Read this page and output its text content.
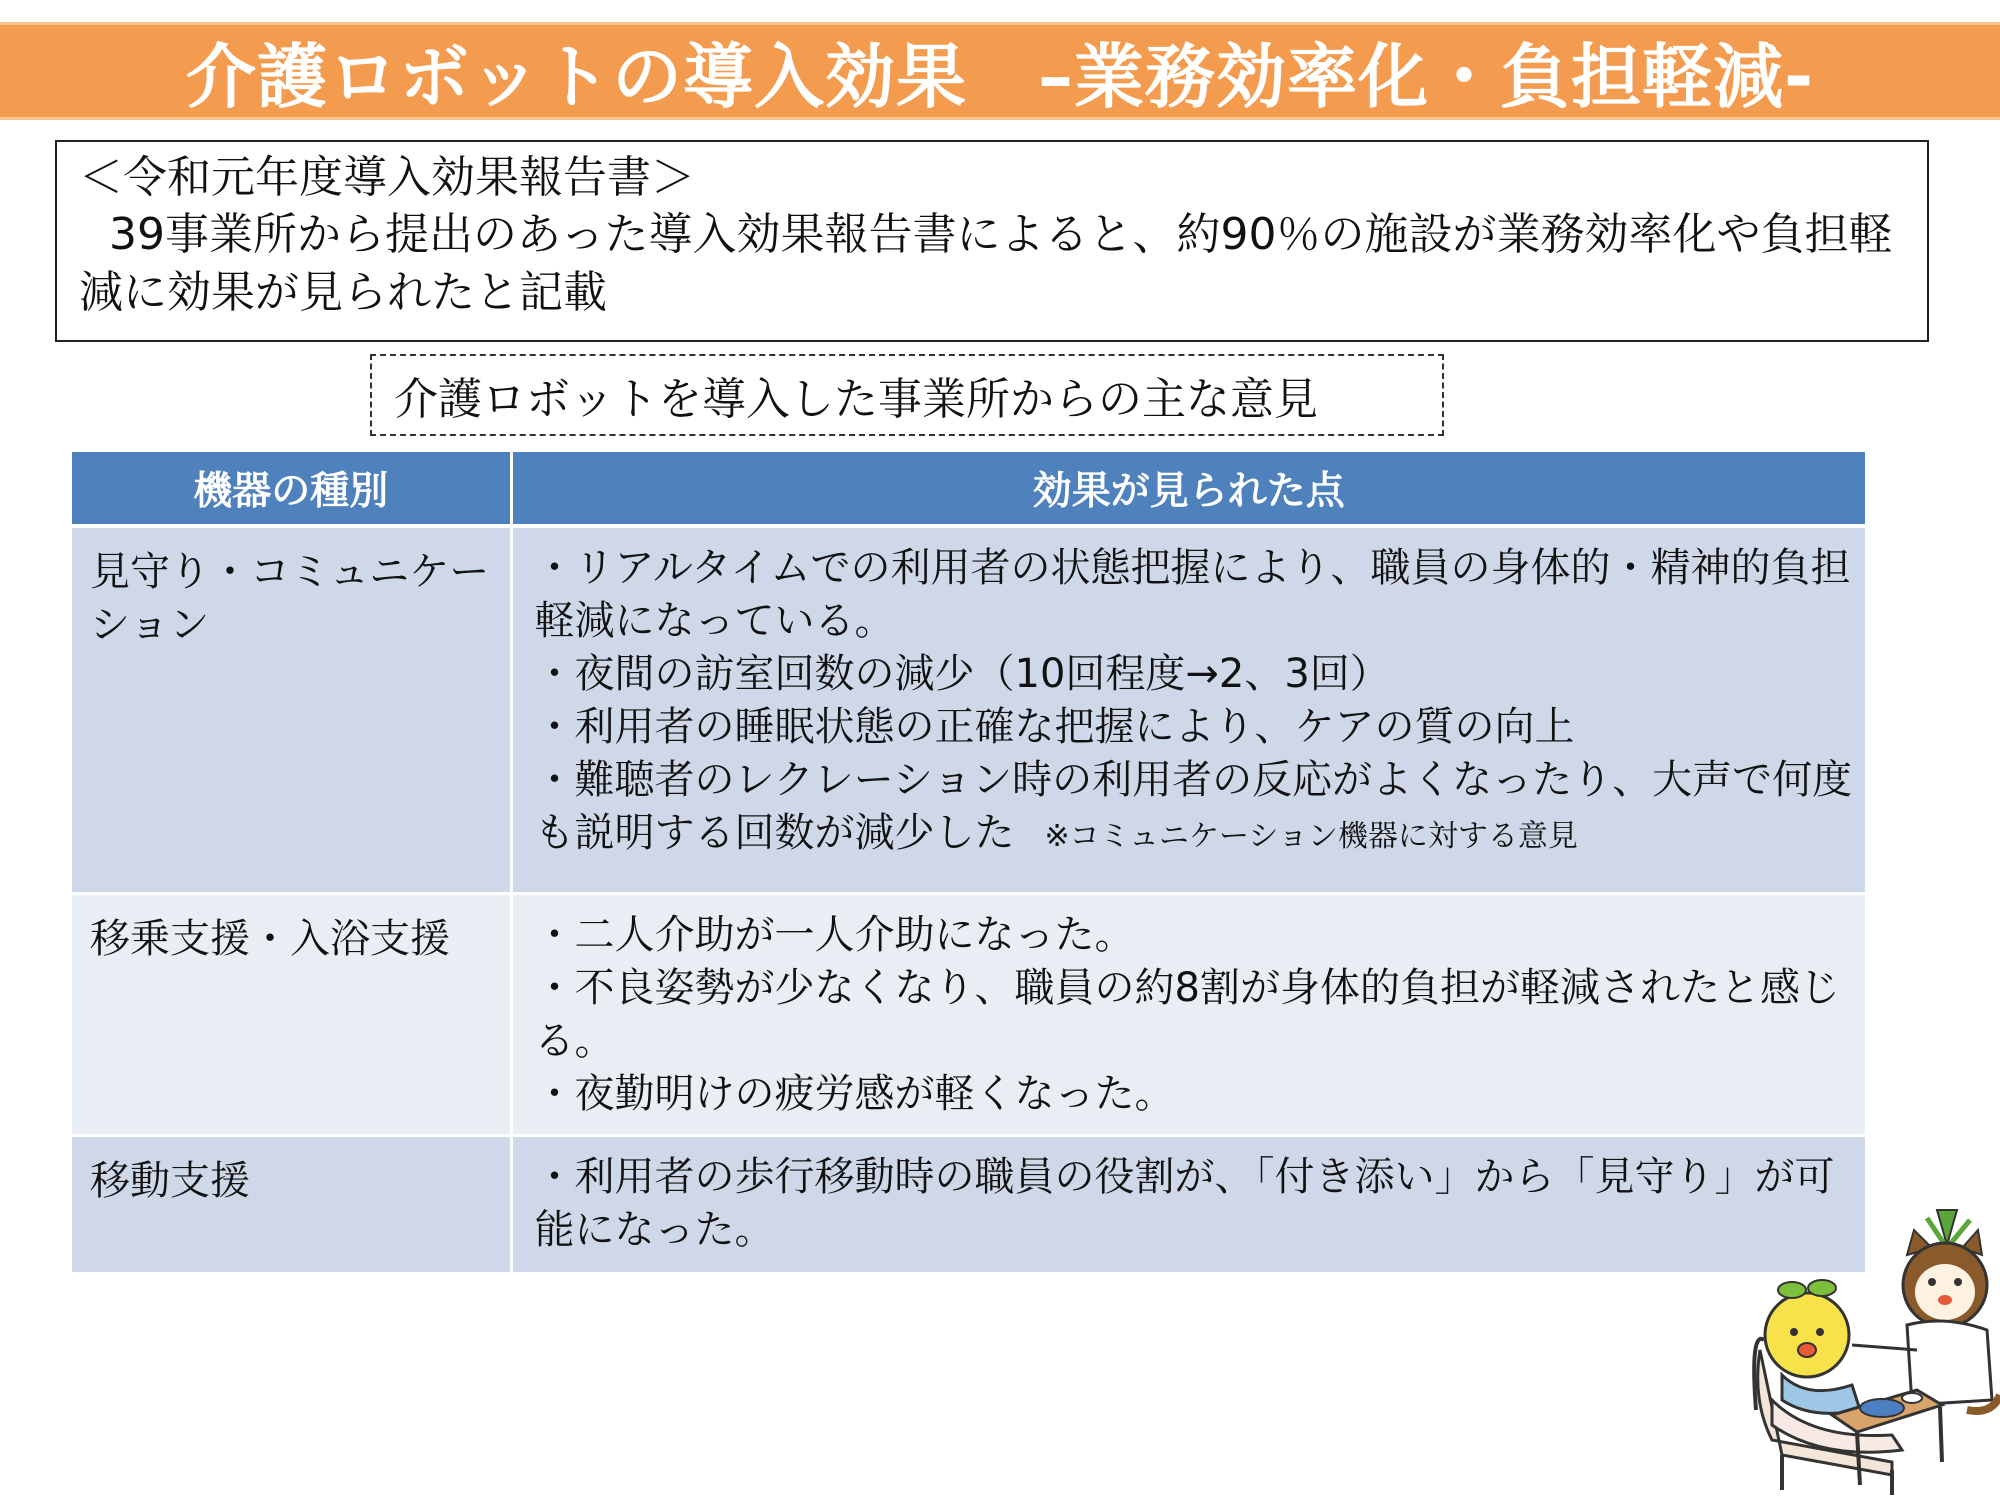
介護ロボットの導入効果　–業務効率化・負担軽減-
＜令和元年度導入効果報告書＞
39事業所から提出のあった導入効果報告書によると、約90％の施設が業務効率化や負担軽減に効果が見られたと記載
介護ロボットを導入した事業所からの主な意見
機器の種別	効果が見られた点
見守り・コミュニケーション	・リアルタイムでの利用者の状態把握により、職員の身体的・精神的負担軽減になっている。
・夜間の訪室回数の減少（10回程度→2、3回）
・利用者の睡眠状態の正確な把握により、ケアの質の向上
・難聴者のレクレーション時の利用者の反応がよくなったり、大声で何度も説明する回数が減少した ※コミュニケーション機器に対する意見

移乗支援・入浴支援	・二人介助が一人介助になった。
・不良姿勢が少なくなり、職員の約8割が身体的負担が軽減されたと感じる。
・夜勤明けの疲労感が軽くなった。

移動支援	・利用者の歩行移動時の職員の役割が、「付き添い」から「見守り」が可能になった。
